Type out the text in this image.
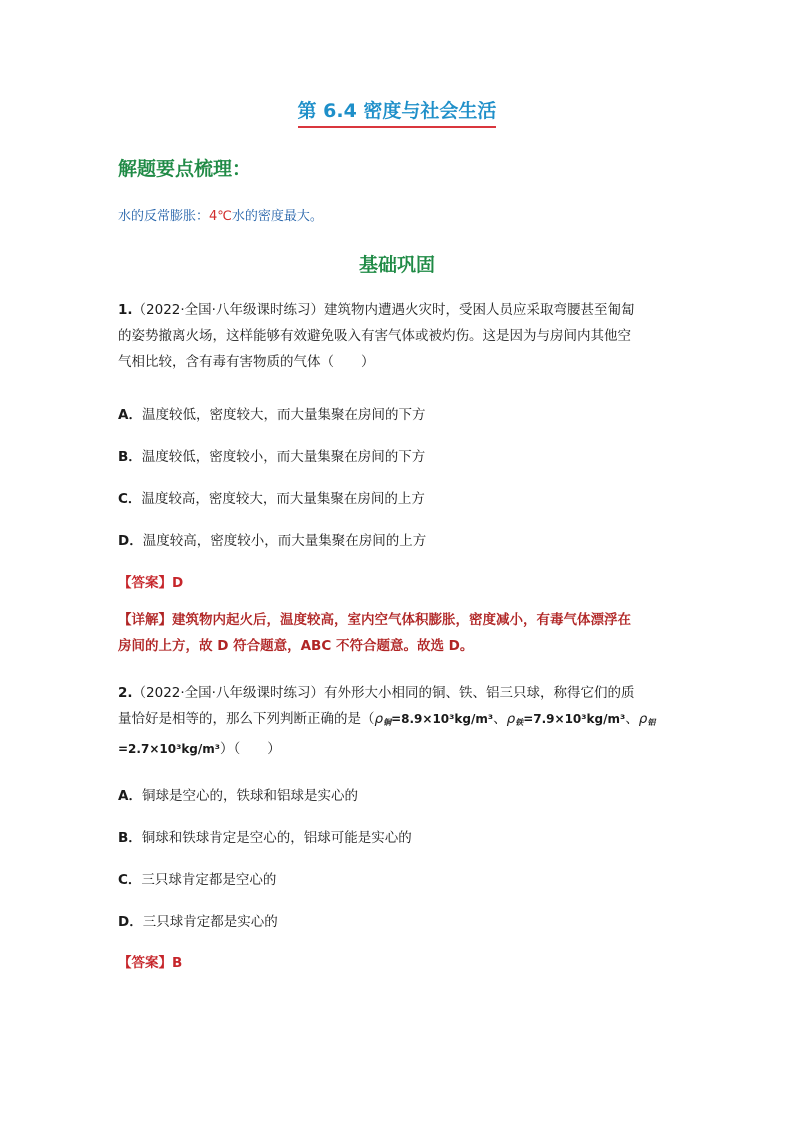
第 6.4 密度与社会生活
解题要点梳理：
水的反常膨胀：4℃水的密度最大。
基础巩固
1.（2022·全国·八年级课时练习）建筑物内遭遇火灾时，受困人员应采取弯腰甚至匍匐
的姿势撤离火场，这样能够有效避免吸入有害气体或被灼伤。这是因为与房间内其他空
气相比较，含有毒有害物质的气体（　　）
A．温度较低，密度较大，而大量集聚在房间的下方
B．温度较低，密度较小，而大量集聚在房间的下方
C．温度较高，密度较大，而大量集聚在房间的上方
D．温度较高，密度较小，而大量集聚在房间的上方
【答案】D
【详解】建筑物内起火后，温度较高，室内空气体积膨胀，密度减小，有毒气体漂浮在
房间的上方，故 D 符合题意，ABC 不符合题意。故选 D。
2.（2022·全国·八年级课时练习）有外形大小相同的铜、铁、铝三只球，称得它们的质
量恰好是相等的，那么下列判断正确的是（$\rho_铜=8.9\times 10^3kg/m^3$、$\rho_铁=7.9\times 10^3kg/m^3$、$\rho_铝$
=2.7×10³kg/m³）（　　）
A．铜球是空心的，铁球和铝球是实心的
B．铜球和铁球肯定是空心的，铝球可能是实心的
C．三只球肯定都是空心的
D．三只球肯定都是实心的
【答案】B
